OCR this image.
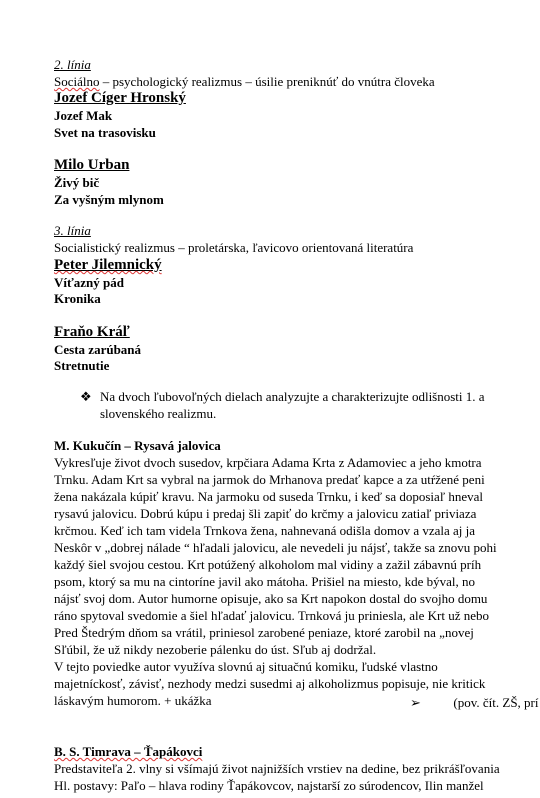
2. línia
Sociálno – psychologický realizmus – úsilie preniknúť do vnútra človeka
Jozef Cíger Hronský
Jozef Mak
Svet na trasovisku
Milo Urban
Živý bič
Za vyšným mlynom
3. línia
Socialistický realizmus – proletárska, ľavicovo orientovaná literatúra
Peter Jilemnický
Víťazný pád
Kronika
Fraňo Kráľ
Cesta zarúbaná
Stretnutie
❖ Na dvoch ľubovoľných dielach analyzujte a charakterizujte odlišnosti 1. a
slovenského realizmu.
M. Kukučín – Rysavá jalovica
Vykresľuje život dvoch susedov, krpčiara Adama Krta z Adamoviec a jeho kmotra
Trnku. Adam Krt sa vybral na jarmok do Mrhanova predať kapce a za utŕžené peni
žena nakázala kúpiť kravu. Na jarmoku od suseda Trnku, i keď sa doposiaľ hneval
rysavú jalovicu. Dobrú kúpu i predaj šli zapiť do krčmy a jalovicu zatiaľ priviaza
krčmou. Keď ich tam videla Trnkova žena, nahnevaná odišla domov a vzala aj ja
Neskôr v „dobrej nálade “ hľadali jalovicu, ale nevedeli ju nájsť, takže sa znovu pohi
každý šiel svojou cestou. Krt potúžený alkoholom mal vidiny a zažil zábavnú príh
psom, ktorý sa mu na cintoríne javil ako mátoha. Prišiel na miesto, kde býval, no
nájsť svoj dom. Autor humorne opisuje, ako sa Krt napokon dostal do svojho domu
ráno spytoval svedomie a šiel hľadať jalovicu. Trnková ju priniesla, ale Krt už nebo
Pred Štedrým dňom sa vrátil, priniesol zarobené peniaze, ktoré zarobil na „novej
Sľúbil, že už nikdy nezoberie pálenku do úst. Sľub aj dodržal.
V tejto poviedke autor využíva slovnú aj situačnú komiku, ľudské vlastno
majetníckosť, závisť, nezhody medzi susedmi aj alkoholizmus popisuje, nie kritick
láskavým humorom. + ukážka	➢	(pov. čít. ZŠ, prí
B. S. Timrava – Ťapákovci
Predstaviteľa 2. vlny si všímajú život najnižších vrstiev na dedine, bez prikrášľovania
Hl. postavy: Paľo – hlava rodiny Ťapákovcov, najstarší zo súrodencov, Ilin manžel
